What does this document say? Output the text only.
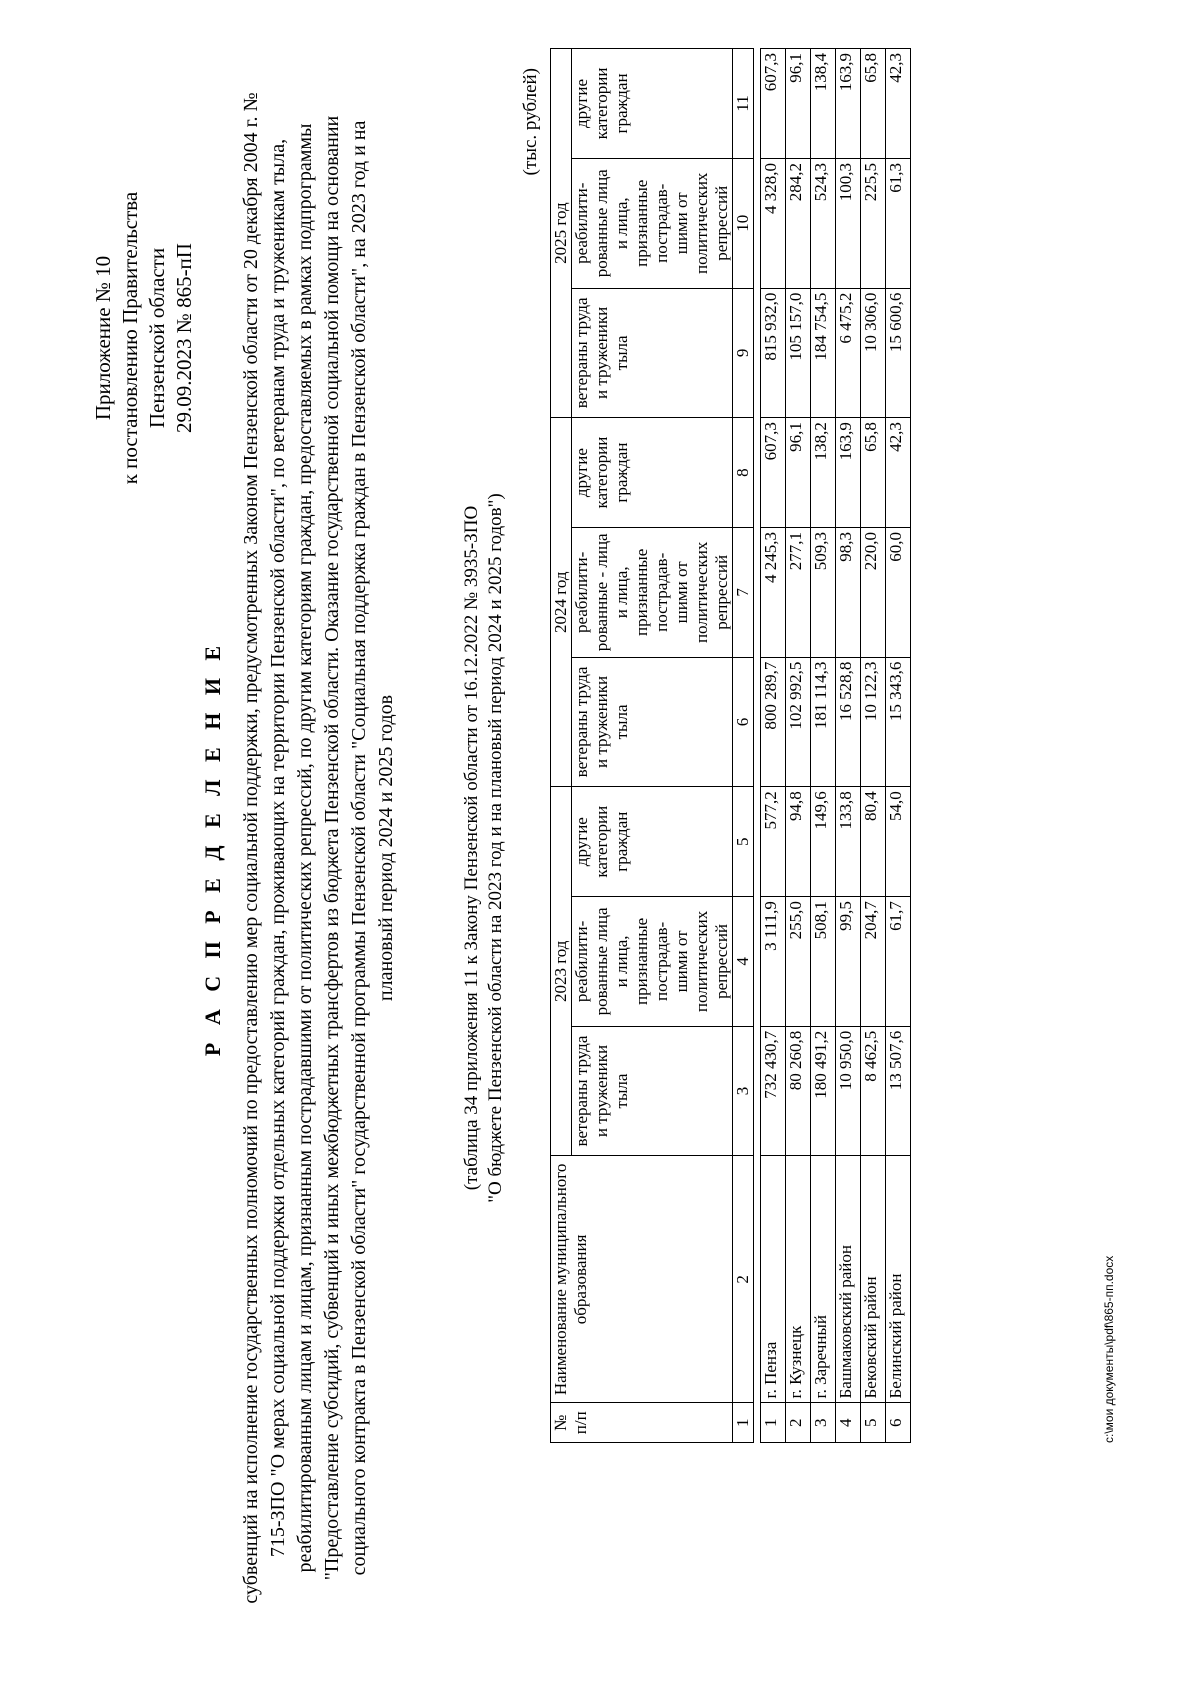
Приложение № 10 к постановлению Правительства Пензенской области 29.09.2023 № 865-пП
Р А С П Р Е Д Е Л Е Н И Е субвенций на исполнение государственных полномочий по предоставлению мер социальной поддержки, предусмотренных Законом Пензенской области от 20 декабря 2004 г. № 715-ЗПО "О мерах социальной поддержки отдельных категорий граждан, проживающих на территории Пензенской области", по ветеранам труда и труженикам тыла, реабилитированным лицам и лицам, признанным пострадавшими от политических репрессий, по другим категориям граждан, предоставляемых в рамках подпрограммы "Предоставление субсидий, субвенций и иных межбюджетных трансфертов из бюджета Пензенской области. Оказание государственной социальной помощи на основании социального контракта в Пензенской области" государственной программы Пензенской области "Социальная поддержка граждан в Пензенской области", на 2023 год и на плановый период 2024 и 2025 годов	(таблица 34 приложения 11 к Закону Пензенской области от 16.12.2022 № 3935-ЗПО "О бюджете Пензенской области на 2023 год и на плановый период 2024 и 2025 годов")
(тыс. рублей)
№ п/п	Наименование муниципального образования	2023 год			2024 год			2025 год		
		ветераны труда и труженики тыла	реабилити-рованные лица и лица, признанные пострадав-шими от политических репрессий	другие категории граждан	ветераны труда и труженики тыла	реабилити-рованные - лица и лица, признанные пострадав-шими от политических репрессий	другие категории граждан	ветераны труда и труженики тыла	реабилити-рованные лица и лица, признанные пострадав-шими от политических репрессий	другие категории граждан
1	2	3	4	5	6	7	8	9	10	11

1	г. Пенза	732 430,7	3 111,9	577,2	800 289,7	4 245,3	607,3	815 932,0	4 328,0	607,3
2	г. Кузнецк	80 260,8	255,0	94,8	102 992,5	277,1	96,1	105 157,0	284,2	96,1
3	г. Заречный	180 491,2	508,1	149,6	181 114,3	509,3	138,2	184 754,5	524,3	138,4
4	Башмаковский район	10 950,0	99,5	133,8	16 528,8	98,3	163,9	6 475,2	100,3	163,9
5	Бековский район	8 462,5	204,7	80,4	10 122,3	220,0	65,8	10 306,0	225,5	65,8
6	Белинский район	13 507,6	61,7	54,0	15 343,6	60,0	42,3	15 600,6	61,3	42,3
c:\мои документы\pdf\865-пп.docx
